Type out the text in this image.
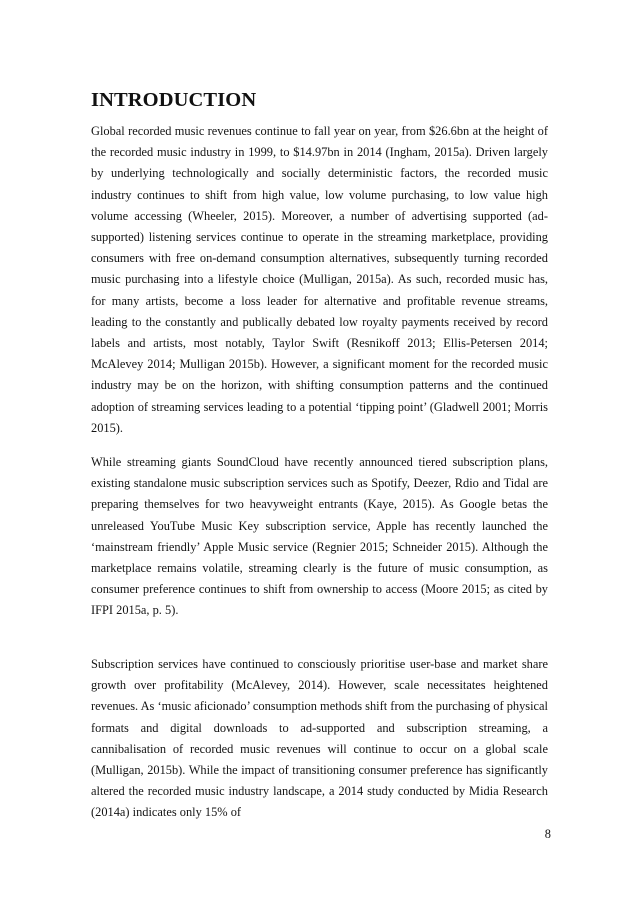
INTRODUCTION

Global recorded music revenues continue to fall year on year, from $26.6bn at the height of the recorded music industry in 1999, to $14.97bn in 2014 (Ingham, 2015a). Driven largely by underlying technologically and socially deterministic factors, the recorded music industry continues to shift from high value, low volume purchasing, to low value high volume accessing (Wheeler, 2015). Moreover, a number of advertising supported (ad-supported) listening services continue to operate in the streaming marketplace, providing consumers with free on-demand consumption alternatives, subsequently turning recorded music purchasing into a lifestyle choice (Mulligan, 2015a). As such, recorded music has, for many artists, become a loss leader for alternative and profitable revenue streams, leading to the constantly and publically debated low royalty payments received by record labels and artists, most notably, Taylor Swift (Resnikoff 2013; Ellis-Petersen 2014; McAlevey 2014; Mulligan 2015b). However, a significant moment for the recorded music industry may be on the horizon, with shifting consumption patterns and the continued adoption of streaming services leading to a potential ‘tipping point’ (Gladwell 2001; Morris 2015).

While streaming giants SoundCloud have recently announced tiered subscription plans, existing standalone music subscription services such as Spotify, Deezer, Rdio and Tidal are preparing themselves for two heavyweight entrants (Kaye, 2015). As Google betas the unreleased YouTube Music Key subscription service, Apple has recently launched the ‘mainstream friendly’ Apple Music service (Regnier 2015; Schneider 2015). Although the marketplace remains volatile, streaming clearly is the future of music consumption, as consumer preference continues to shift from ownership to access (Moore 2015; as cited by IFPI 2015a, p. 5).

Subscription services have continued to consciously prioritise user-base and market share growth over profitability (McAlevey, 2014). However, scale necessitates heightened revenues. As ‘music aficionado’ consumption methods shift from the purchasing of physical formats and digital downloads to ad-supported and subscription streaming, a cannibalisation of recorded music revenues will continue to occur on a global scale (Mulligan, 2015b). While the impact of transitioning consumer preference has significantly altered the recorded music industry landscape, a 2014 study conducted by Midia Research (2014a) indicates only 15% of

8
